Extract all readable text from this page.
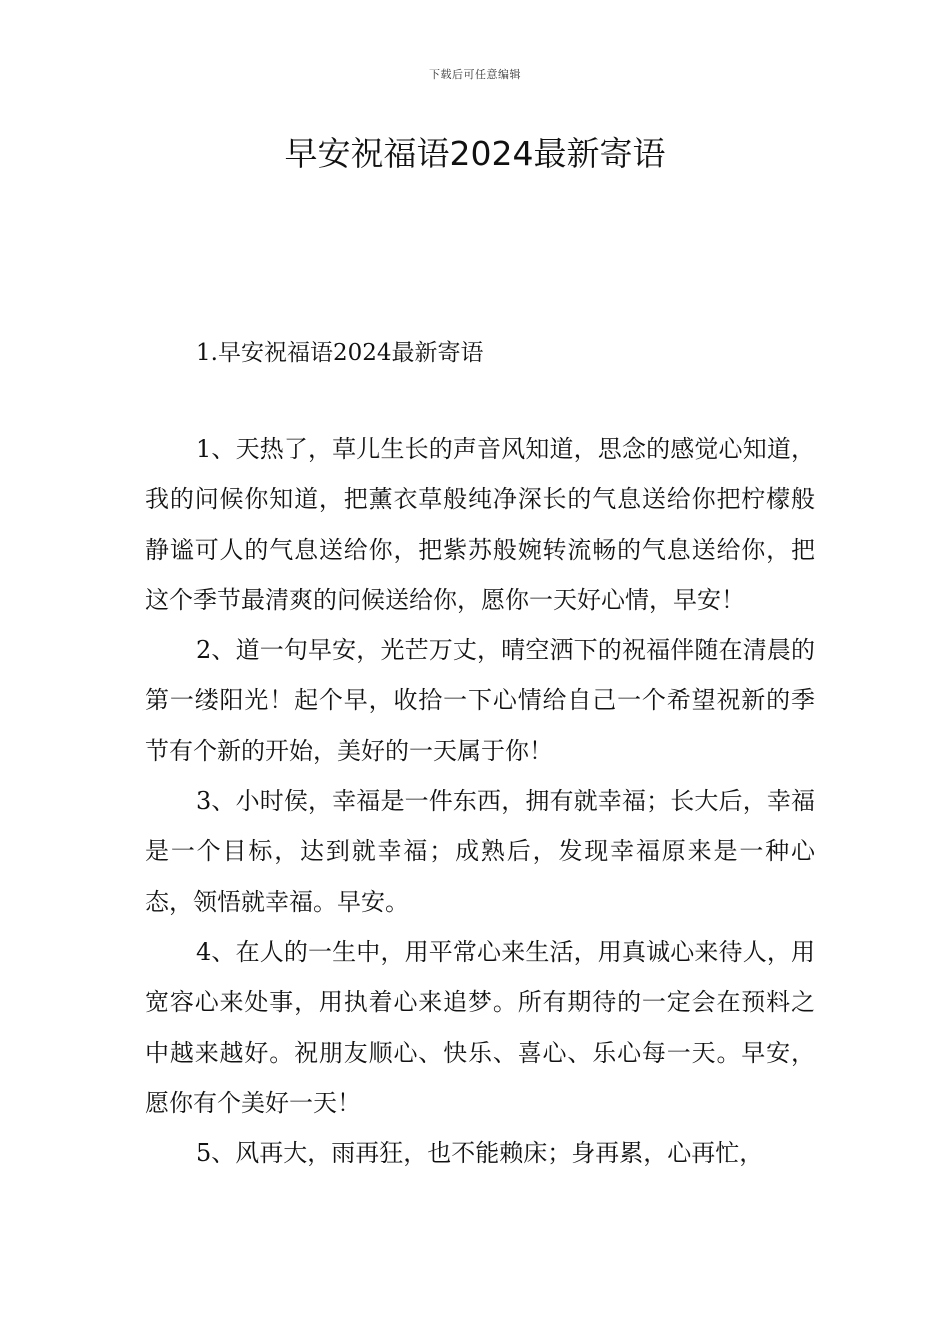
下载后可任意编辑
早安祝福语2024最新寄语
1.早安祝福语2024最新寄语

1、天热了，草儿生长的声音风知道，思念的感觉心知道，我的问候你知道，把薰衣草般纯净深长的气息送给你把柠檬般静谧可人的气息送给你，把紫苏般婉转流畅的气息送给你，把这个季节最清爽的问候送给你，愿你一天好心情，早安！

2、道一句早安，光芒万丈，晴空洒下的祝福伴随在清晨的第一缕阳光！起个早，收拾一下心情给自己一个希望祝新的季节有个新的开始，美好的一天属于你！

3、小时侯，幸福是一件东西，拥有就幸福；长大后，幸福是一个目标，达到就幸福；成熟后，发现幸福原来是一种心态，领悟就幸福。早安。

4、在人的一生中，用平常心来生活，用真诚心来待人，用宽容心来处事，用执着心来追梦。所有期待的一定会在预料之中越来越好。祝朋友顺心、快乐、喜心、乐心每一天。早安，愿你有个美好一天！

5、风再大，雨再狂，也不能赖床；身再累，心再忙，
